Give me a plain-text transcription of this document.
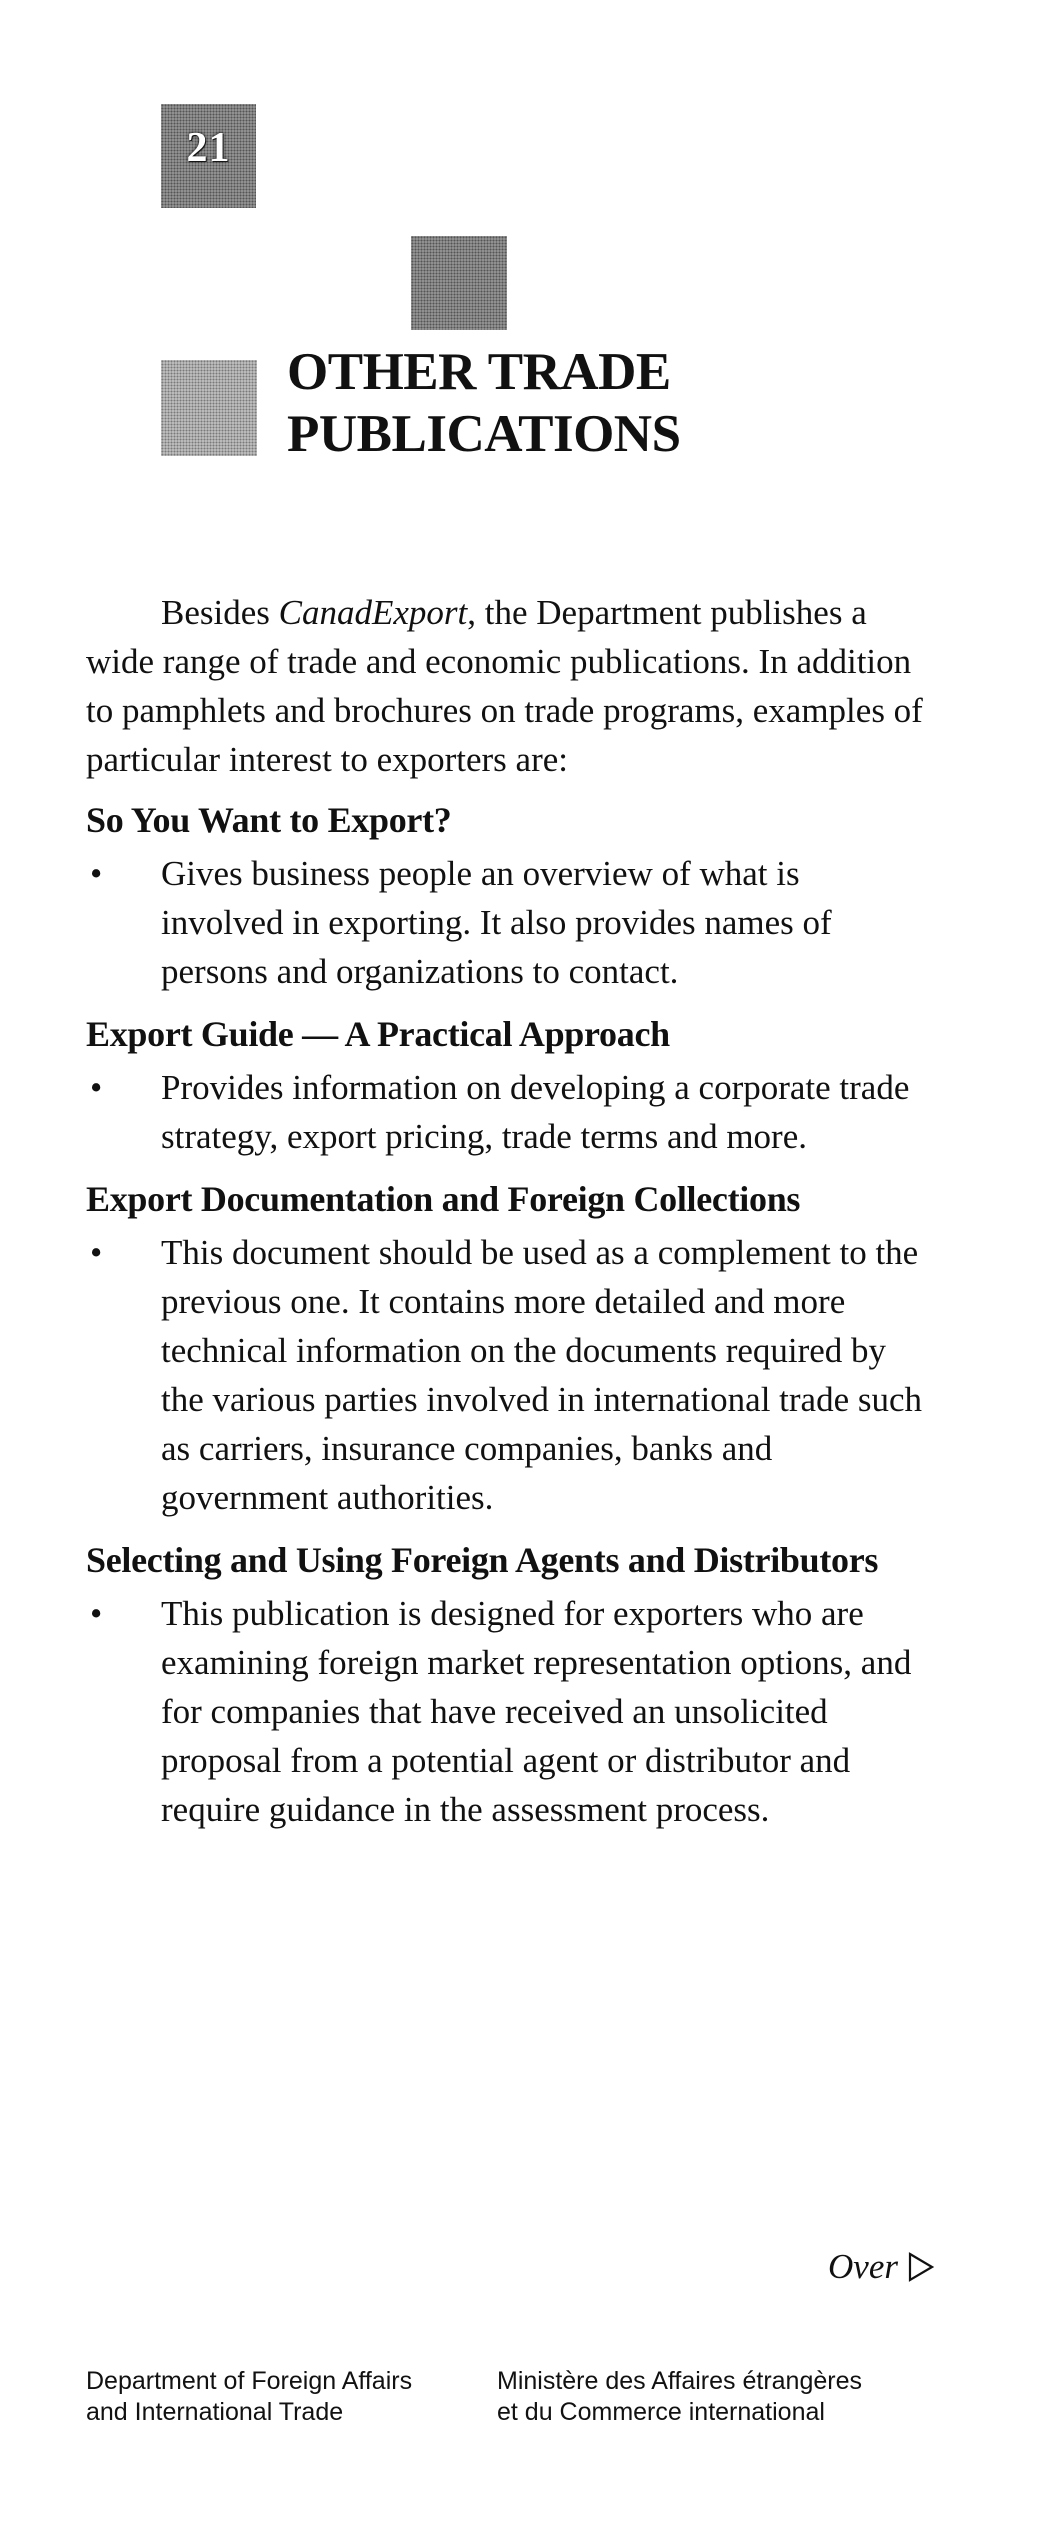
21
OTHER TRADE
PUBLICATIONS

Besides CanadExport, the Department publishes a wide range of trade and economic publications. In addition to pamphlets and brochures on trade programs, examples of particular interest to exporters are:

So You Want to Export?
• Gives business people an overview of what is involved in exporting. It also provides names of persons and organizations to contact.
Export Guide — A Practical Approach
• Provides information on developing a corporate trade strategy, export pricing, trade terms and more.
Export Documentation and Foreign Collections
• This document should be used as a complement to the previous one. It contains more detailed and more technical information on the documents required by the various parties involved in international trade such as carriers, insurance companies, banks and government authorities.
Selecting and Using Foreign Agents and Distributors
• This publication is designed for exporters who are examining foreign market representation options, and for companies that have received an unsolicited proposal from a potential agent or distributor and require guidance in the assessment process.
Over
Department of Foreign Affairs
and International Trade
Ministère des Affaires étrangères
et du Commerce international
